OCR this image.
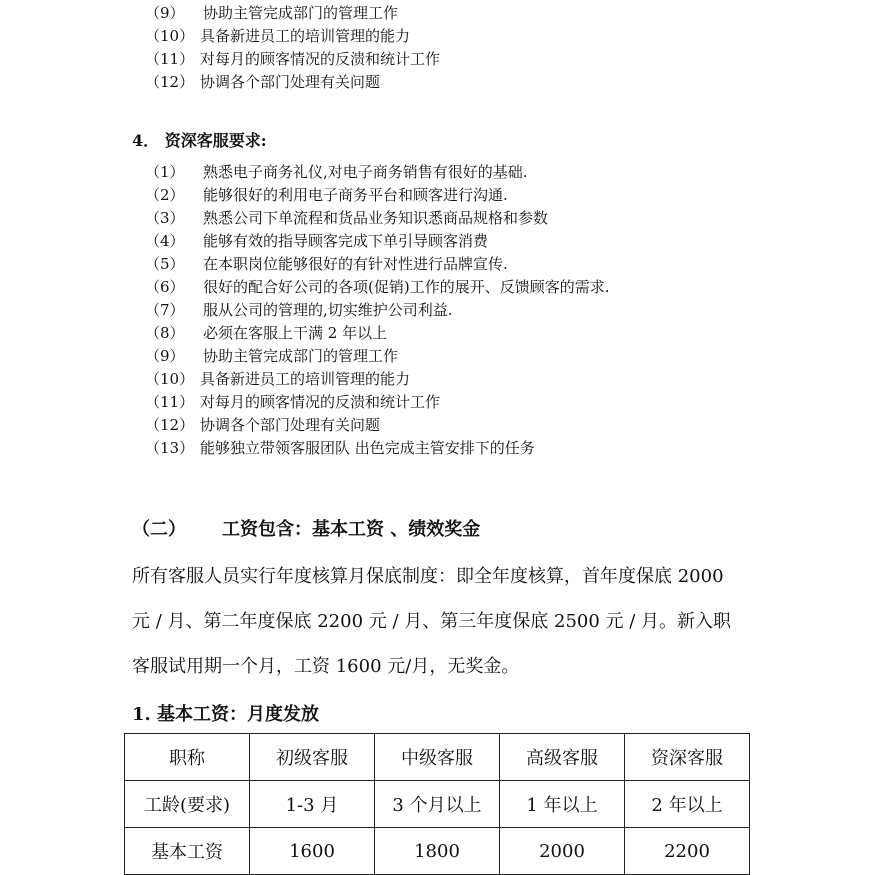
（9）	协助主管完成部门的管理工作
（10） 具备新进员工的培训管理的能力
（11） 对每月的顾客情况的反溃和统计工作
（12） 协调各个部门处理有关问题
4． 资深客服要求:
（1）	熟悉电子商务礼仪,对电子商务销售有很好的基础.
（2）	能够很好的利用电子商务平台和顾客进行沟通.
（3）	熟悉公司下单流程和货品业务知识悉商品规格和参数
（4）	能够有效的指导顾客完成下单引导顾客消费
（5）	在本职岗位能够很好的有针对性进行品牌宣传.
（6）	很好的配合好公司的各项(促销)工作的展开、反馈顾客的需求.
（7）	服从公司的管理的,切实维护公司利益.
（8）	必须在客服上干满 2 年以上
（9）	协助主管完成部门的管理工作
（10） 具备新进员工的培训管理的能力
（11） 对每月的顾客情况的反溃和统计工作
（12） 协调各个部门处理有关问题
（13） 能够独立带领客服团队 出色完成主管安排下的任务
（二） 工资包含：基本工资 、绩效奖金
所有客服人员实行年度核算月保底制度：即全年度核算，首年度保底 2000
元 / 月、第二年度保底 2200 元 / 月、第三年度保底 2500 元 / 月。新入职
客服试用期一个月，工资 1600 元/月，无奖金。
1. 基本工资：月度发放
职称	初级客服	中级客服	高级客服	资深客服
工龄(要求)	1-3 月	3 个月以上	1 年以上	2 年以上
基本工资	1600	1800	2000	2200
